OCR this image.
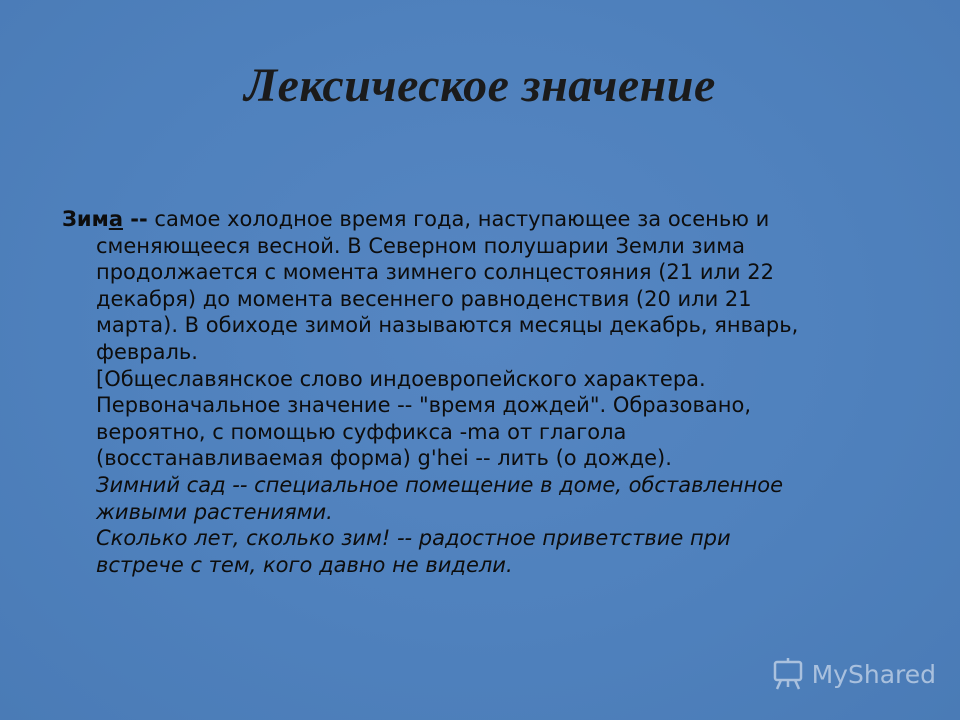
Лексическое значение
Зима -- самое холодное время года, наступающее за осенью и
сменяющееся весной. В Северном полушарии Земли зима
продолжается с момента зимнего солнцестояния (21 или 22
декабря) до момента весеннего равноденствия (20 или 21
марта). В обиходе зимой называются месяцы декабрь, январь,
февраль.
[Общеславянское слово индоевропейского характера.
Первоначальное значение -- "время дождей". Образовано,
вероятно, с помощью суффикса -ma от глагола
(восстанавливаемая форма) g'hei -- лить (о дожде).
Зимний сад -- специальное помещение в доме, обставленное
живыми растениями.
Сколько лет, сколько зим! -- радостное приветствие при
встрече с тем, кого давно не видели.
MyShared
